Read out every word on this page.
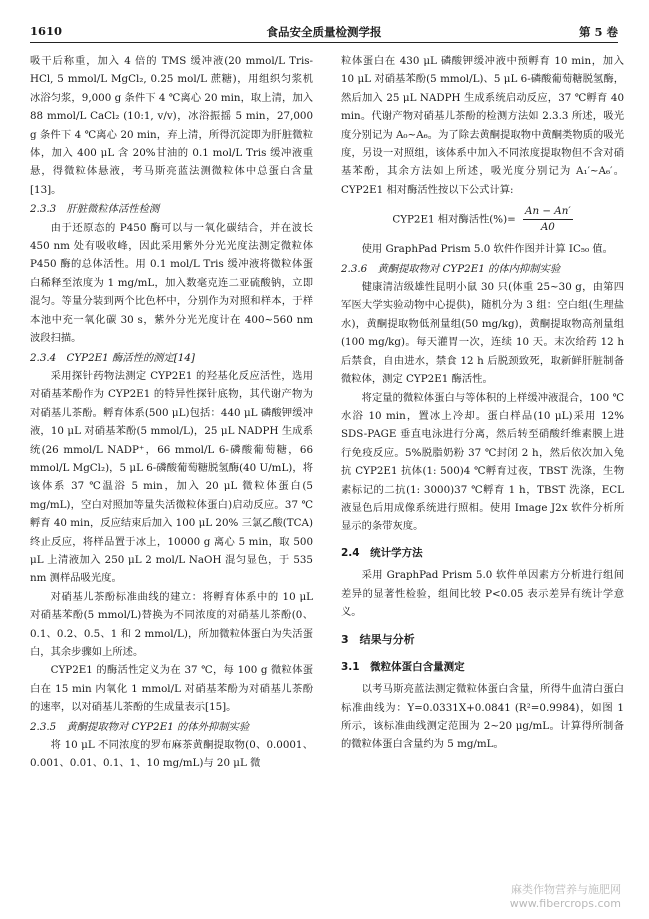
1610	食品安全质量检测学报	第 5 卷

吸干后称重，加入 4 倍的 TMS 缓冲液(20 mmol/L Tris-HCl, 5 mmol/L MgCl₂, 0.25 mol/L 蔗糖)，用组织匀浆机冰浴匀浆，9,000 g 条件下 4 ℃离心 20 min，取上清，加入 88 mmol/L CaCl₂ (10:1, v/v)，冰浴振摇 5 min，27,000 g 条件下 4 ℃离心 20 min，弃上清，所得沉淀即为肝脏微粒体，加入 400 μL 含 20%甘油的 0.1 mol/L Tris 缓冲液重悬，得微粒体悬液，考马斯亮蓝法测微粒体中总蛋白含量[13]。

2.3.3　肝脏微粒体活性检测

由于还原态的 P450 酶可以与一氧化碳结合，并在波长 450 nm 处有吸收峰，因此采用紫外分光光度法测定微粒体 P450 酶的总体活性。用 0.1 mol/L Tris 缓冲液将微粒体蛋白稀释至浓度为 1 mg/mL，加入数毫克连二亚硫酸钠，立即混匀。等量分装到两个比色杯中，分别作为对照和样本，于样本池中充一氧化碳 30 s，紫外分光光度计在 400~560 nm 波段扫描。

2.3.4　CYP2E1 酶活性的测定[14]

采用探针药物法测定 CYP2E1 的羟基化反应活性，选用对硝基苯酚作为 CYP2E1 的特异性探针底物，其代谢产物为对硝基儿茶酚。孵育体系(500 μL)包括：440 μL 磷酸钾缓冲液，10 μL 对硝基苯酚(5 mmol/L)，25 μL NADPH 生成系统(26 mmol/L NADP⁺，66 mmol/L 6-磷酸葡萄糖，66 mmol/L MgCl₂)，5 μL 6-磷酸葡萄糖脱氢酶(40 U/mL)，将该体系 37 ℃温浴 5 min，加入 20 μL 微粒体蛋白(5 mg/mL)，空白对照加等量失活微粒体蛋白)启动反应。37 ℃孵育 40 min，反应结束后加入 100 μL 20% 三氯乙酸(TCA)终止反应，将样品置于冰上，10000 g 离心 5 min，取 500 μL 上清液加入 250 μL 2 mol/L NaOH 混匀显色，于 535 nm 测样品吸光度。

对硝基儿茶酚标准曲线的建立：将孵育体系中的 10 μL 对硝基苯酚(5 mmol/L)替换为不同浓度的对硝基儿茶酚(0、0.1、0.2、0.5、1 和 2 mmol/L)，所加微粒体蛋白为失活蛋白，其余步骤如上所述。

CYP2E1 的酶活性定义为在 37 ℃，每 100 g 微粒体蛋白在 15 min 内氧化 1 mmol/L 对硝基苯酚为对硝基儿茶酚的速率，以对硝基儿茶酚的生成量表示[15]。

2.3.5　黄酮提取物对 CYP2E1 的体外抑制实验

将 10 μL 不同浓度的罗布麻茶黄酮提取物(0、0.0001、0.001、0.01、0.1、1、10 mg/mL)与 20 μL 微

粒体蛋白在 430 μL 磷酸钾缓冲液中预孵育 10 min，加入 10 μL 对硝基苯酚(5 mmol/L)、5 μL 6-磷酸葡萄糖脱氢酶，然后加入 25 μL NADPH 生成系统启动反应，37 ℃孵育 40 min。代谢产物对硝基儿茶酚的检测方法如 2.3.3 所述，吸光度分别记为 A₀~A₆。为了除去黄酮提取物中黄酮类物质的吸光度，另设一对照组，该体系中加入不同浓度提取物但不含对硝基苯酚，其余方法如上所述，吸光度分别记为 A₁′~A₆′。CYP2E1 相对酶活性按以下公式计算:

CYP2E1 相对酶活性(%)= $\frac{An - An'}{A0}$

使用 GraphPad Prism 5.0 软件作图并计算 IC₅₀ 值。

2.3.6　黄酮提取物对 CYP2E1 的体内抑制实验

健康清洁级雄性昆明小鼠 30 只(体重 25~30 g，由第四军医大学实验动物中心提供)，随机分为 3 组：空白组(生理盐水)，黄酮提取物低剂量组(50 mg/kg)，黄酮提取物高剂量组(100 mg/kg)。每天灌胃一次，连续 10 天。末次给药 12 h 后禁食，自由进水，禁食 12 h 后脱颈致死，取新鲜肝脏制备微粒体，测定 CYP2E1 酶活性。

将定量的微粒体蛋白与等体积的上样缓冲液混合，100 ℃水浴 10 min，置冰上冷却。蛋白样品(10 μL)采用 12% SDS-PAGE 垂直电泳进行分离，然后转至硝酸纤维素膜上进行免疫反应。5%脱脂奶粉 37 ℃封闭 2 h，然后依次加入兔抗 CYP2E1 抗体(1: 500)4 ℃孵育过夜，TBST 洗涤，生物素标记的二抗(1: 3000)37 ℃孵育 1 h，TBST 洗涤，ECL 液显色后用成像系统进行照相。使用 Image J2x 软件分析所显示的条带灰度。

2.4　统计学方法

采用 GraphPad Prism 5.0 软件单因素方分析进行组间差异的显著性检验，组间比较 P<0.05 表示差异有统计学意义。

3　结果与分析
3.1　微粒体蛋白含量测定

以考马斯亮蓝法测定微粒体蛋白含量，所得牛血清白蛋白标准曲线为：Y=0.0331X+0.0841 (R²=0.9984)，如图 1 所示，该标准曲线测定范围为 2~20 μg/mL。计算得所制备的微粒体蛋白含量约为 5 mg/mL。

麻类作物营养与施肥网
www.fibercrops.com
